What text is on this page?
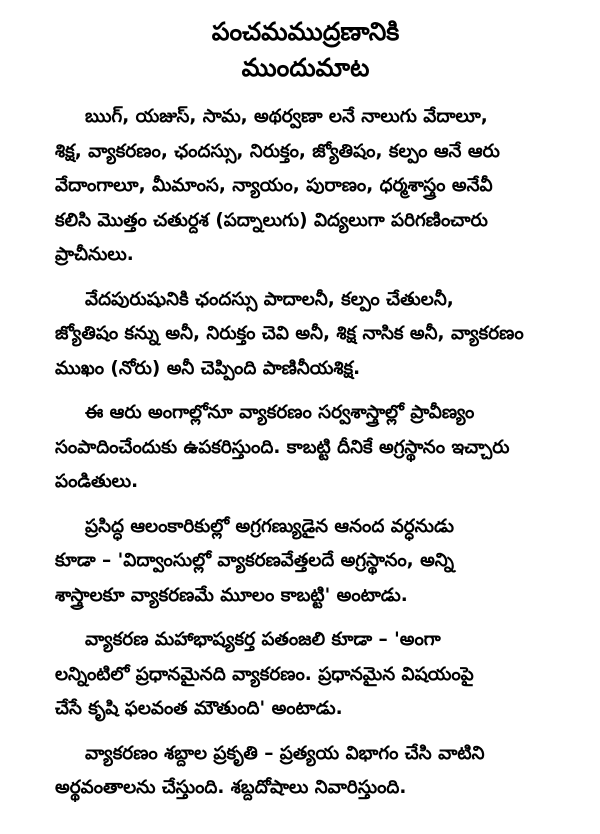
పంచమముద్రణానికి
ముందుమాట
ఋగ్, యజుస్, సామ, అథర్వణా లనే నాలుగు వేదాలూ,
శిక్ష, వ్యాకరణం, ఛందస్సు, నిరుక్తం, జ్యోతిషం, కల్పం ఆనే ఆరు
వేదాంగాలూ, మీమాంస, న్యాయం, పురాణం, ధర్మశాస్త్రం అనేవీ
కలిసి మొత్తం చతుర్దశ (పద్నాలుగు) విద్యలుగా పరిగణించారు
ప్రాచీనులు.
వేదపురుషునికి ఛందస్సు పాదాలనీ, కల్పం చేతులనీ,
జ్యోతిషం కన్ను అనీ, నిరుక్తం చెవి అనీ, శిక్ష నాసిక అనీ, వ్యాకరణం
ముఖం (నోరు) అనీ చెప్పింది పాణినీయశిక్ష.
ఈ ఆరు అంగాల్లోనూ వ్యాకరణం సర్వశాస్త్రాల్లో ప్రావీణ్యం
సంపాదించేందుకు ఉపకరిస్తుంది. కాబట్టి దీనికే అగ్రస్థానం ఇచ్చారు
పండితులు.
ప్రసిద్ధ ఆలంకారికుల్లో అగ్రగణ్యుడైన ఆనంద వర్ధనుడు
కూడా – 'విద్వాంసుల్లో వ్యాకరణవేత్తలదే అగ్రస్థానం, అన్ని
శాస్త్రాలకూ వ్యాకరణమే మూలం కాబట్టి' అంటాడు.
వ్యాకరణ మహాభాష్యకర్త పతంజలి కూడా – 'అంగా
లన్నింటిలో ప్రధానమైనది వ్యాకరణం. ప్రధానమైన విషయంపై
చేసే కృషి ఫలవంత మౌతుంది' అంటాడు.
వ్యాకరణం శబ్దాల ప్రకృతి – ప్రత్యయ విభాగం చేసి వాటిని
అర్థవంతాలను చేస్తుంది. శబ్దదోషాలు నివారిస్తుంది.
